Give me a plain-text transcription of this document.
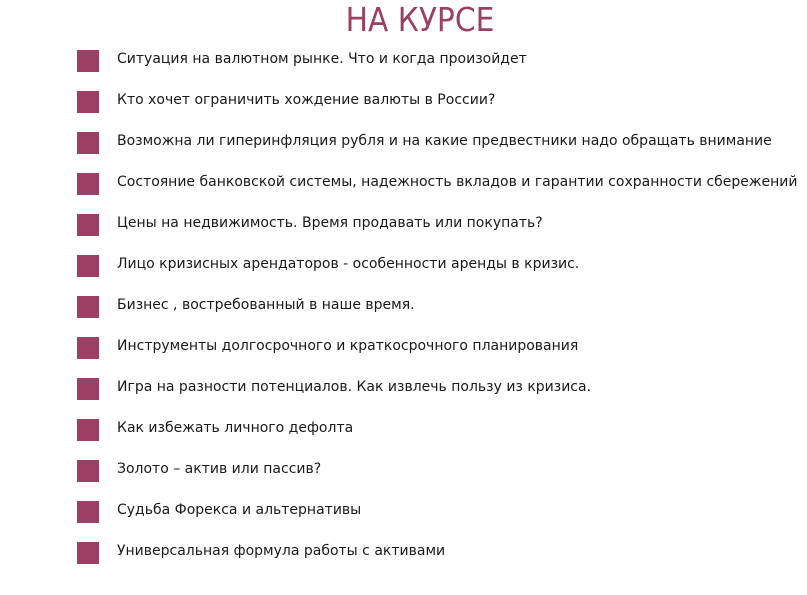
НА КУРСЕ
Ситуация на валютном рынке. Что и когда произойдет
Кто хочет ограничить хождение валюты в России?
Возможна ли гиперинфляция рубля и на какие предвестники надо обращать внимание
Состояние банковской системы, надежность вкладов и гарантии сохранности сбережений
Цены на недвижимость. Время продавать или покупать?
Лицо кризисных арендаторов - особенности аренды в кризис.
Бизнес , востребованный в наше время.
Инструменты долгосрочного и краткосрочного планирования
Игра на разности потенциалов. Как извлечь пользу из кризиса.
Как избежать личного дефолта
Золото – актив или пассив?
Судьба Форекса и альтернативы
Универсальная формула работы с активами
